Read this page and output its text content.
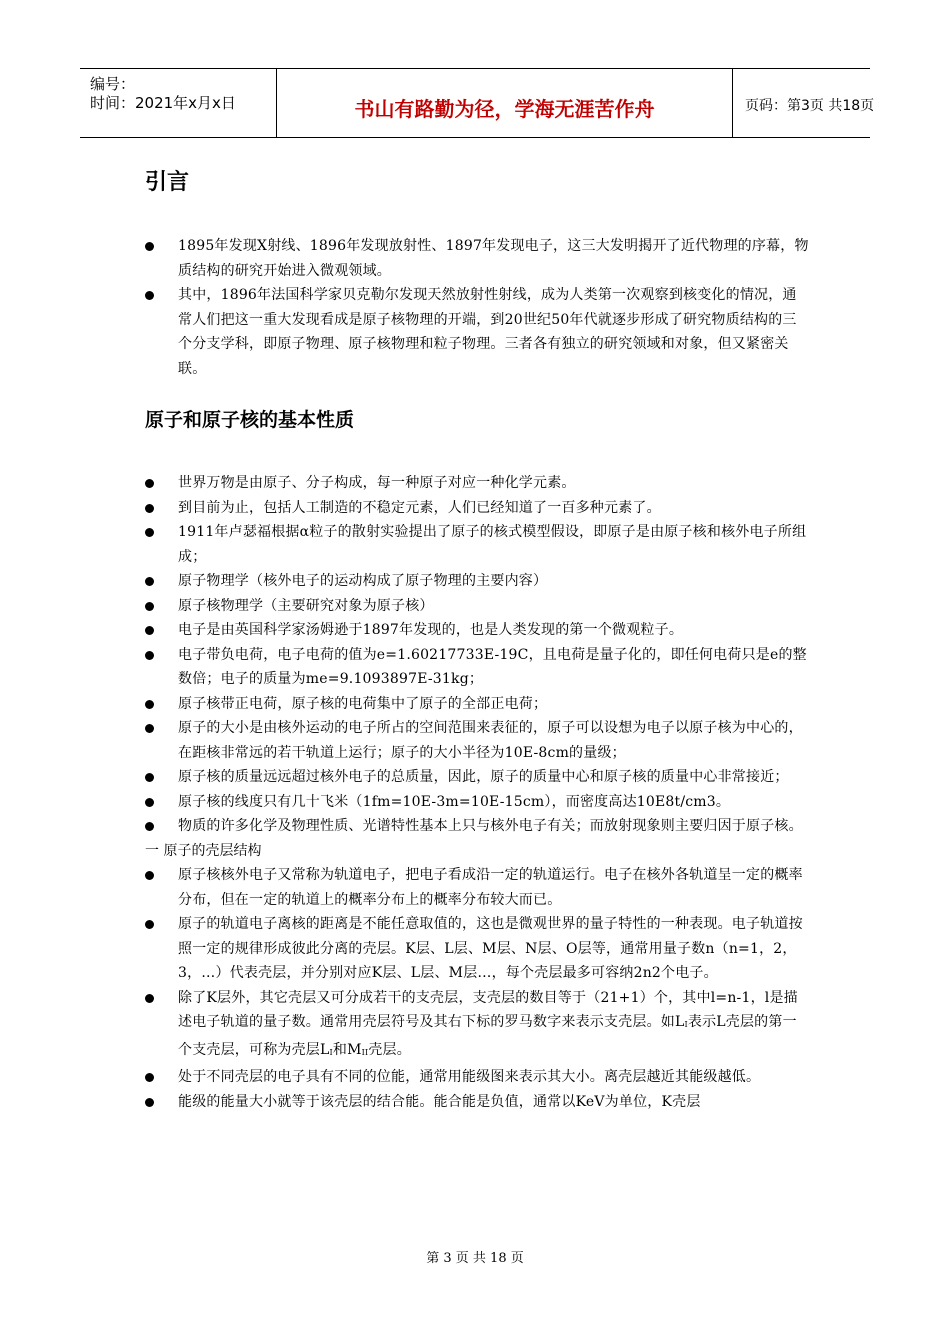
编号：
时间：2021年x月x日	书山有路勤为径，学海无涯苦作舟	页码：第3页 共18页
引言
1895年发现X射线、1896年发现放射性、1897年发现电子，这三大发明揭开了近代物理的序幕，物质结构的研究开始进入微观领域。
其中，1896年法国科学家贝克勒尔发现天然放射性射线，成为人类第一次观察到核变化的情况，通常人们把这一重大发现看成是原子核物理的开端，到20世纪50年代就逐步形成了研究物质结构的三个分支学科，即原子物理、原子核物理和粒子物理。三者各有独立的研究领域和对象，但又紧密关联。
原子和原子核的基本性质
世界万物是由原子、分子构成，每一种原子对应一种化学元素。
到目前为止，包括人工制造的不稳定元素，人们已经知道了一百多种元素了。
1911年卢瑟福根据α粒子的散射实验提出了原子的核式模型假设，即原子是由原子核和核外电子所组成；
原子物理学（核外电子的运动构成了原子物理的主要内容）
原子核物理学（主要研究对象为原子核）
电子是由英国科学家汤姆逊于1897年发现的，也是人类发现的第一个微观粒子。
电子带负电荷，电子电荷的值为e=1.60217733E-19C，且电荷是量子化的，即任何电荷只是e的整数倍；电子的质量为me=9.1093897E-31kg；
原子核带正电荷，原子核的电荷集中了原子的全部正电荷；
原子的大小是由核外运动的电子所占的空间范围来表征的，原子可以设想为电子以原子核为中心的，在距核非常远的若干轨道上运行；原子的大小半径为10E-8cm的量级；
原子核的质量远远超过核外电子的总质量，因此，原子的质量中心和原子核的质量中心非常接近；
原子核的线度只有几十飞米（1fm=10E-3m=10E-15cm），而密度高达10E8t/cm3。
物质的许多化学及物理性质、光谱特性基本上只与核外电子有关；而放射现象则主要归因于原子核。
一 原子的壳层结构
原子核核外电子又常称为轨道电子，把电子看成沿一定的轨道运行。电子在核外各轨道呈一定的概率分布，但在一定的轨道上的概率分布上的概率分布较大而已。
原子的轨道电子离核的距离是不能任意取值的，这也是微观世界的量子特性的一种表现。电子轨道按照一定的规律形成彼此分离的壳层。K层、L层、M层、N层、O层等，通常用量子数n（n=1，2，3，…）代表壳层，并分别对应K层、L层、M层…，每个壳层最多可容纳2n2个电子。
除了K层外，其它壳层又可分成若干的支壳层，支壳层的数目等于（21+1）个，其中l=n-1，l是描述电子轨道的量子数。通常用壳层符号及其右下标的罗马数字来表示支壳层。如$L_I$表示L壳层的第一个支壳层，可称为壳层$L_I$和$M_{II}$壳层。
处于不同壳层的电子具有不同的位能，通常用能级图来表示其大小。离壳层越近其能级越低。
能级的能量大小就等于该壳层的结合能。能合能是负值，通常以KeV为单位，K壳层
第 3 页 共 18 页
